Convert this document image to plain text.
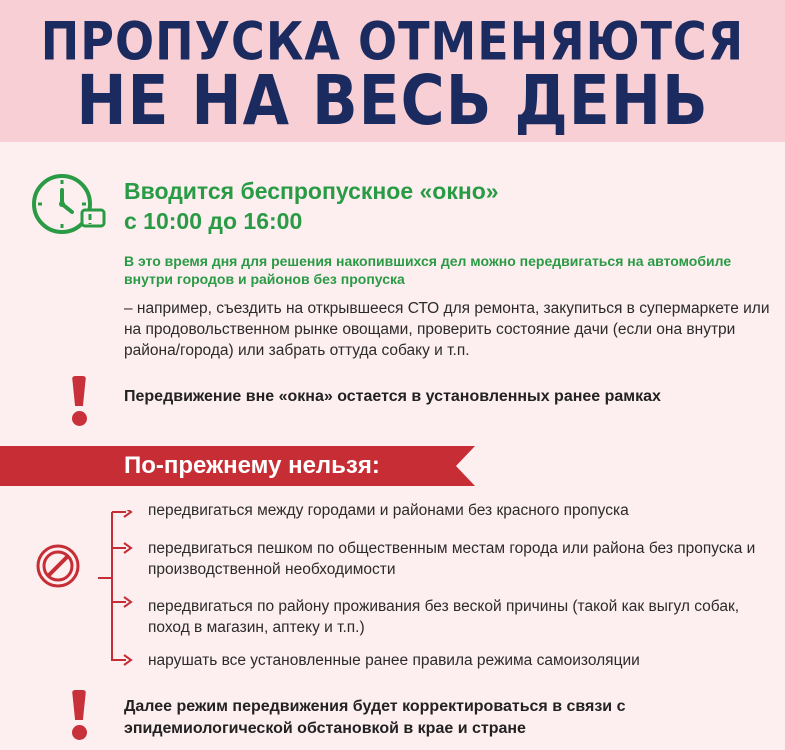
ПРОПУСКА ОТМЕНЯЮТСЯ
НЕ НА ВЕСЬ ДЕНЬ
Вводится беспропускное «окно»
с 10:00 до 16:00
В это время дня для решения накопившихся дел можно передвигаться на автомобиле внутри городов и районов без пропуска
– например, съездить на открывшееся СТО для ремонта, закупиться в супермаркете или на продовольственном рынке овощами, проверить состояние дачи (если она внутри района/города) или забрать оттуда собаку и т.п.
Передвижение вне «окна» остается в установленных ранее рамках
По-прежнему нельзя:
передвигаться между городами и районами без красного пропуска
передвигаться пешком по общественным местам города или района без пропуска и производственной необходимости
передвигаться по району проживания без веской причины (такой как выгул собак, поход в магазин, аптеку и т.п.)
нарушать все установленные ранее правила режима самоизоляции
Далее режим передвижения будет корректироваться в связи с эпидемиологической обстановкой в крае и стране
